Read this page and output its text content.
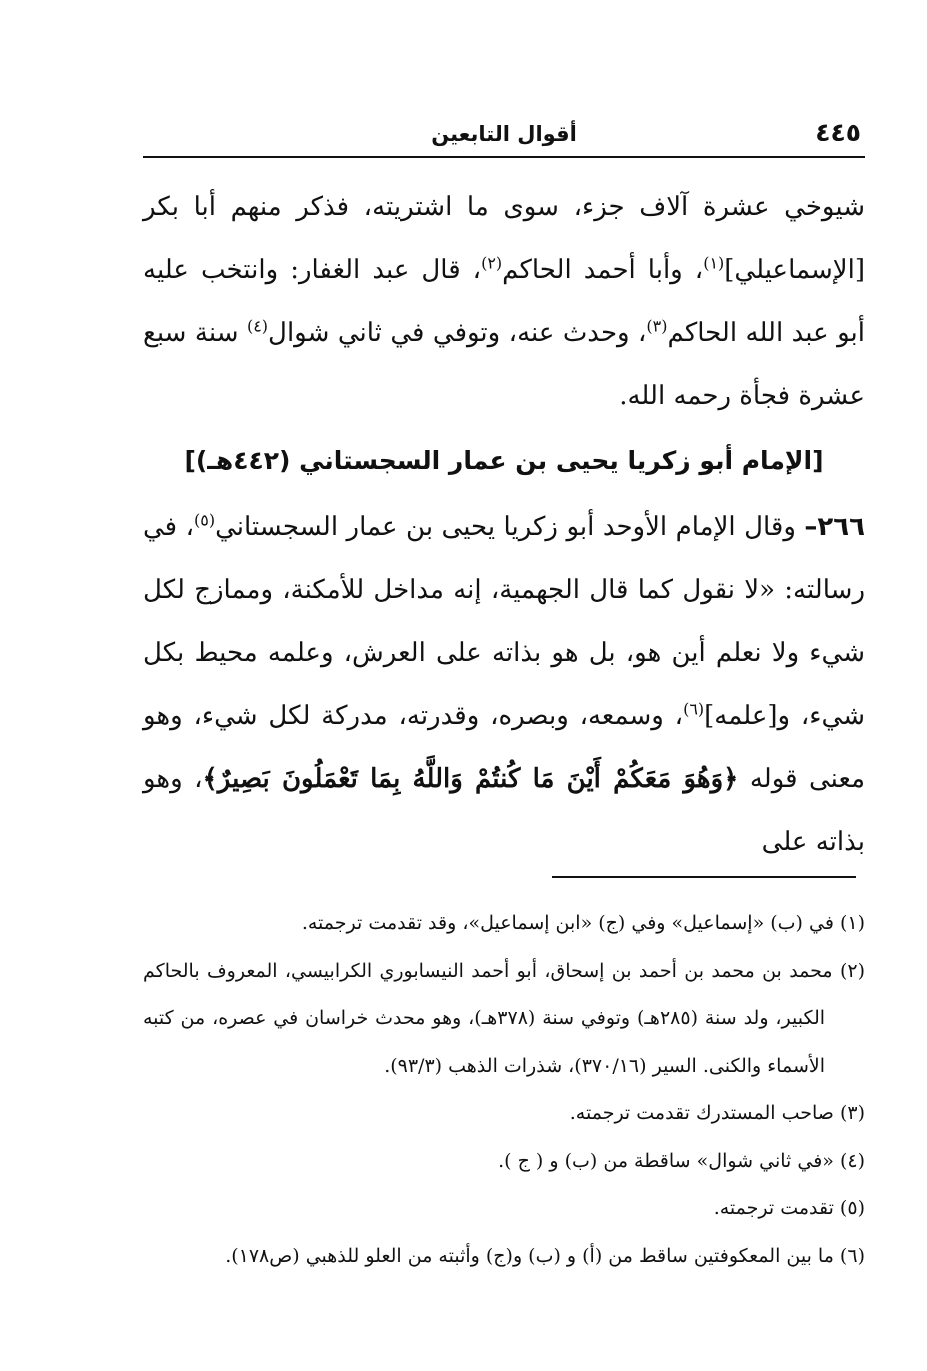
٤٤٥
أقوال التابعين

شيوخي عشرة آلاف جزء، سوى ما اشتريته، فذكر منهم أبا بكر [الإسماعيلي]$^{(١)}$، وأبا أحمد الحاكم$^{(٢)}$، قال عبد الغفار: وانتخب عليه أبو عبد الله الحاكم$^{(٣)}$، وحدث عنه، وتوفي في ثاني شوال$^{(٤)}$ سنة سبع عشرة فجأة رحمه الله.

[الإمام أبو زكريا يحيى بن عمار السجستاني (٤٤٢هـ)]

٢٦٦– وقال الإمام الأوحد أبو زكريا يحيى بن عمار السجستاني$^{(٥)}$، في رسالته: «لا نقول كما قال الجهمية، إنه مداخل للأمكنة، وممازج لكل شيء ولا نعلم أين هو، بل هو بذاته على العرش، وعلمه محيط بكل شيء، و[علمه]$^{(٦)}$، وسمعه، وبصره، وقدرته، مدركة لكل شيء، وهو معنى قوله ﴿وَهُوَ مَعَكُمْ أَيْنَ مَا كُنتُمْ وَاللَّهُ بِمَا تَعْمَلُونَ بَصِيرٌ﴾، وهو بذاته على

(١) في (ب) «إسماعيل» وفي (ج) «ابن إسماعيل»، وقد تقدمت ترجمته.
(٢) محمد بن محمد بن أحمد بن إسحاق، أبو أحمد النيسابوري الكرابيسي، المعروف بالحاكم الكبير، ولد سنة (٢٨٥هـ) وتوفي سنة (٣٧٨هـ)، وهو محدث خراسان في عصره، من كتبه الأسماء والكنى. السير (٣٧٠/١٦)، شذرات الذهب (٩٣/٣).
(٣) صاحب المستدرك تقدمت ترجمته.
(٤) «في ثاني شوال» ساقطة من (ب) و ( ج ).
(٥) تقدمت ترجمته.
(٦) ما بين المعكوفتين ساقط من (أ) و (ب) و(ج) وأثبته من العلو للذهبي (ص١٧٨).
